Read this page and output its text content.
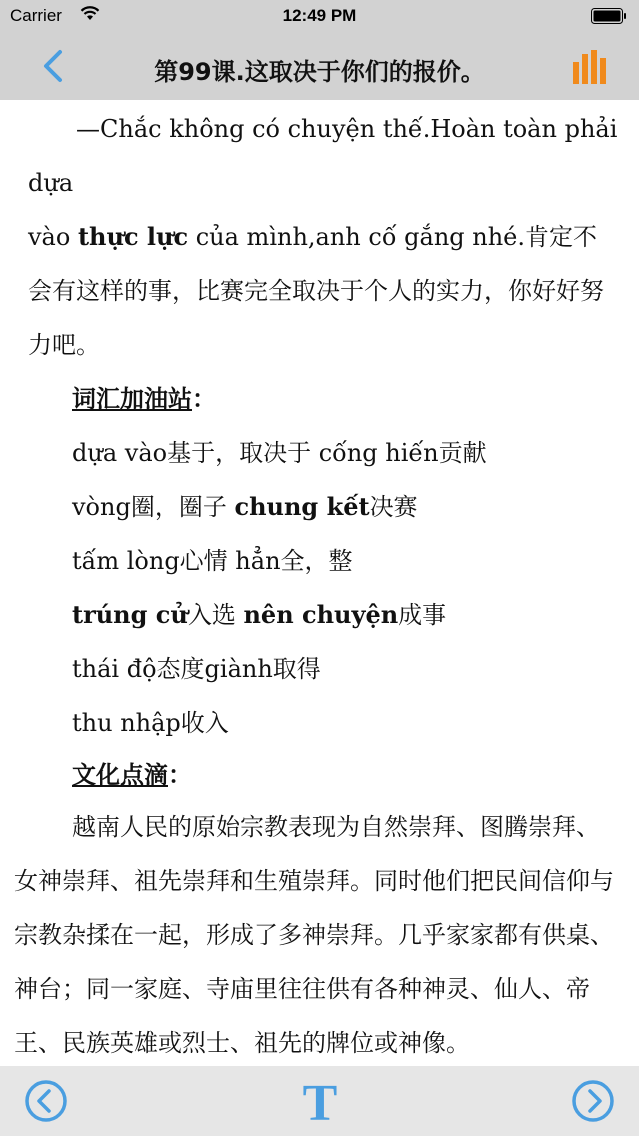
Carrier	12:49 PM
第99课.这取决于你们的报价。
—Chắc không có chuyện thế.Hoàn toàn phải dựa
vào thực lực của mình,anh cố gắng nhé.肯定不会有这样的事，比赛完全取决于个人的实力，你好好努力吧。
词汇加油站：
dựa vào基于，取决于 cống hiến贡献
vòng圈，圈子 chung kết决赛
tấm lòng心情 hẳn全，整
trúng cử入选 nên chuyện成事
thái độ态度giành取得
thu nhập收入
文化点滴：

越南人民的原始宗教表现为自然崇拜、图腾崇拜、女神崇拜、祖先崇拜和生殖崇拜。同时他们把民间信仰与宗教杂揉在一起，形成了多神崇拜。几乎家家都有供桌、神台；同一家庭、寺庙里往往供有各种神灵、仙人、帝王、民族英雄或烈士、祖先的牌位或神像。

T
